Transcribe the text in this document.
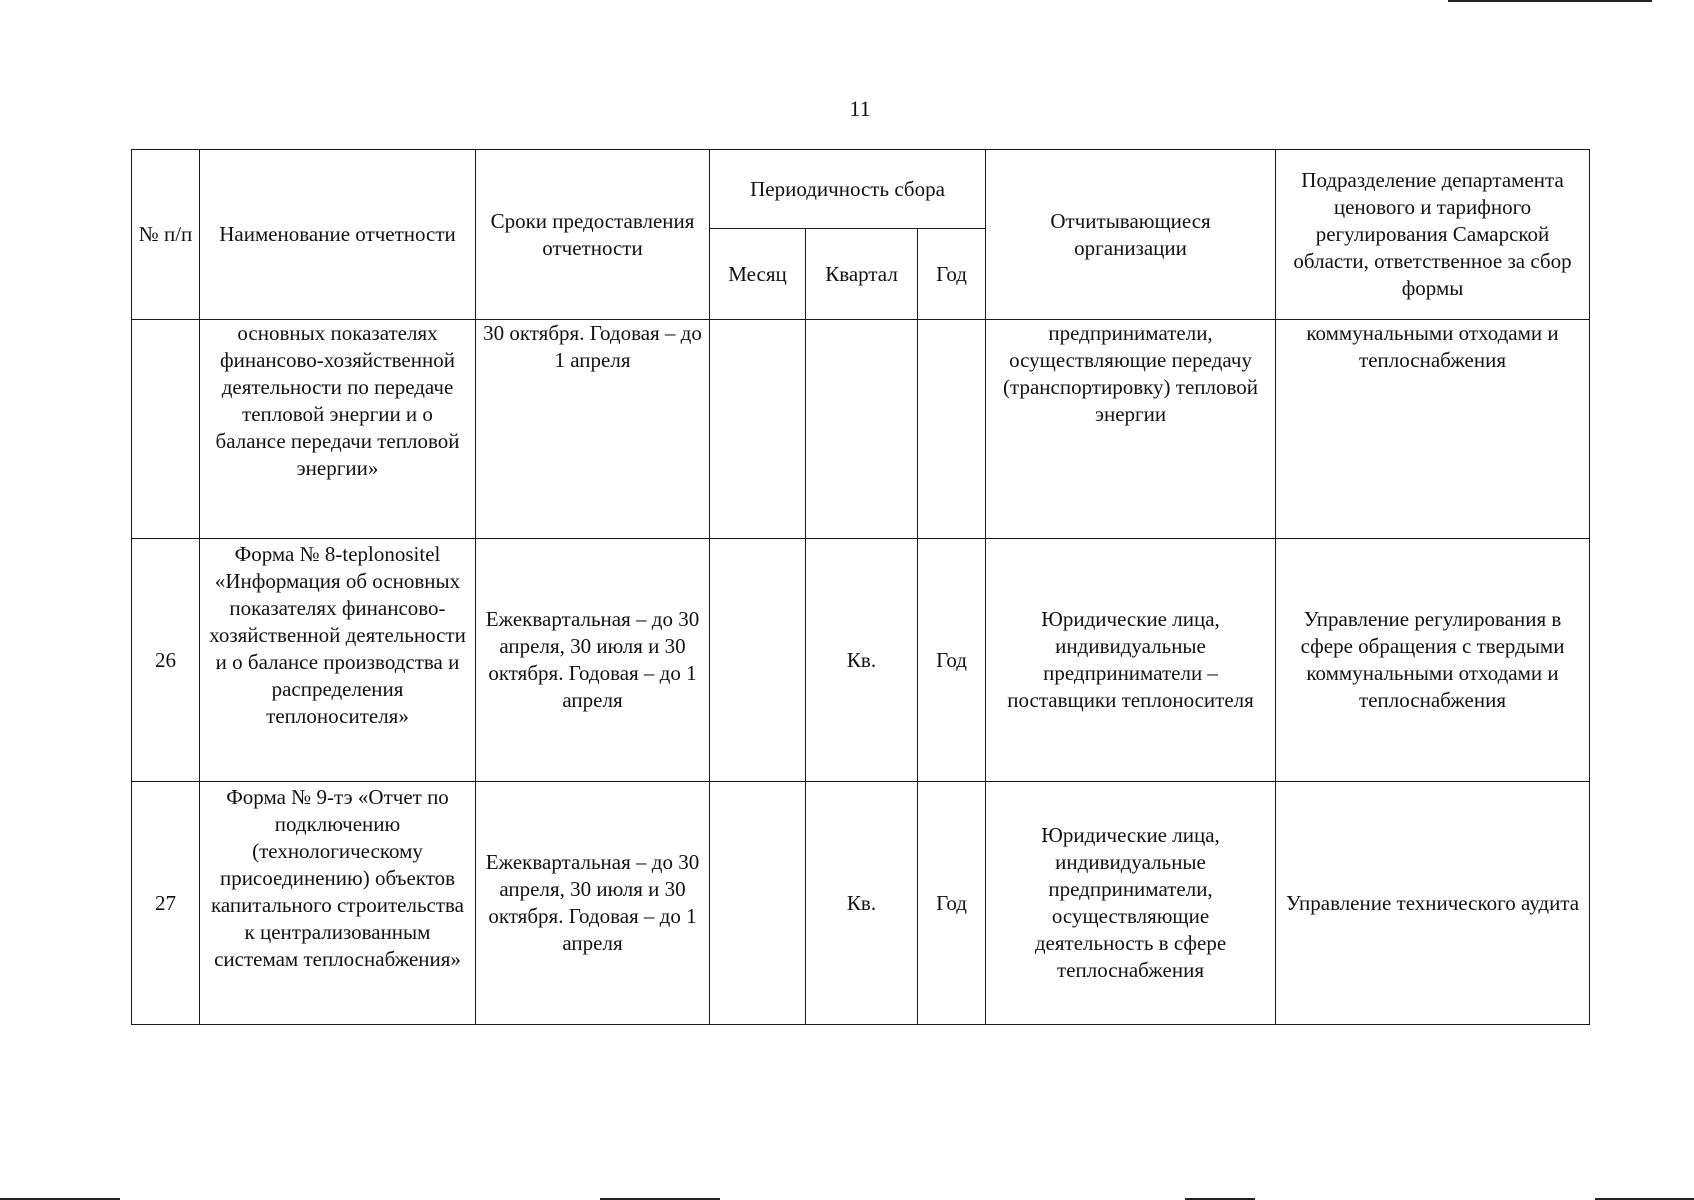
11
№ п/п	Наименование отчетности	Сроки предоставления отчетности	Периодичность сбора			Отчитывающиеся организации	Подразделение департамента ценового и тарифного регулирования Самарской области, ответственное за сбор формы
			Месяц	Квартал	Год		
	основных показателях финансово-хозяйственной деятельности по передаче тепловой энергии и о балансе передачи тепловой энергии»	30 октября. Годовая – до 1 апреля				предприниматели, осуществляющие передачу (транспортировку) тепловой энергии	коммунальными отходами и теплоснабжения
26	Форма № 8-teplonositel «Информация об основных показателях финансово-хозяйственной деятельности и о балансе производства и распределения теплоносителя»	Ежеквартальная – до 30 апреля, 30 июля и 30 октября. Годовая – до 1 апреля		Кв.	Год	Юридические лица, индивидуальные предприниматели – поставщики теплоносителя	Управление регулирования в сфере обращения с твердыми коммунальными отходами и теплоснабжения
27	Форма № 9-тэ «Отчет по подключению (технологическому присоединению) объектов капитального строительства к централизованным системам теплоснабжения»	Ежеквартальная – до 30 апреля, 30 июля и 30 октября. Годовая – до 1 апреля		Кв.	Год	Юридические лица, индивидуальные предприниматели, осуществляющие деятельность в сфере теплоснабжения	Управление технического аудита
